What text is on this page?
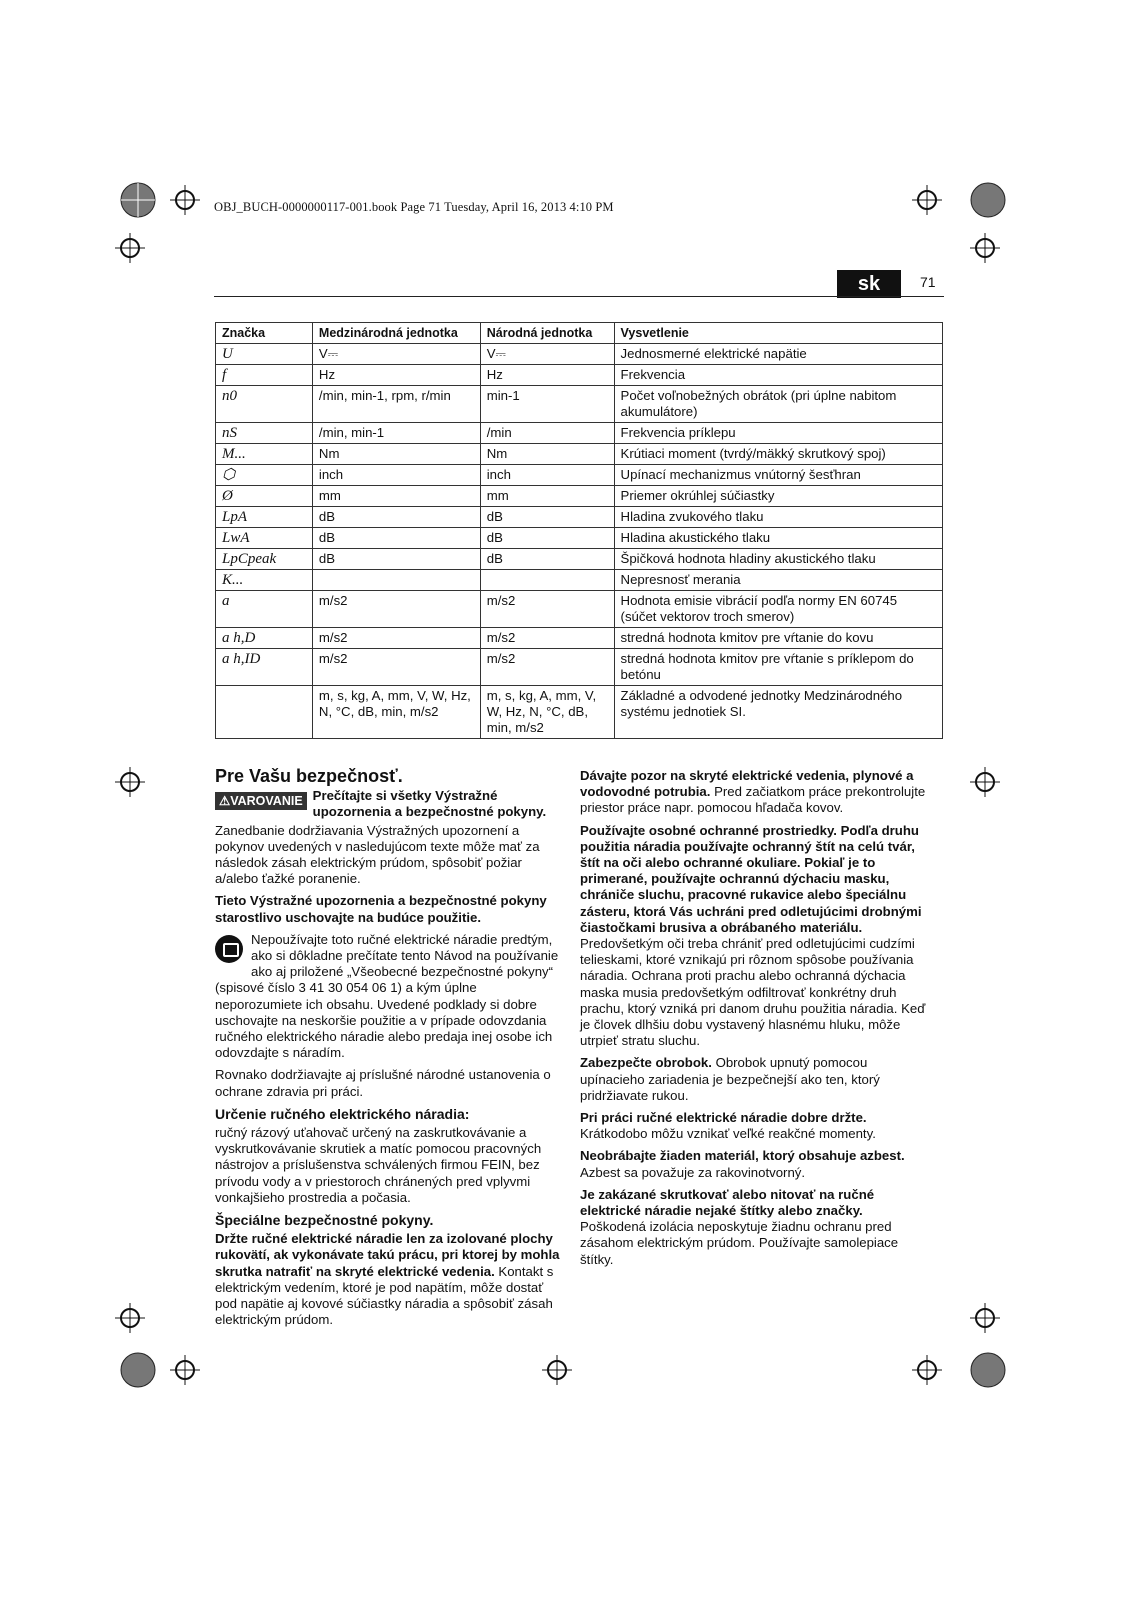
OBJ_BUCH-0000000117-001.book Page 71 Tuesday, April 16, 2013 4:10 PM
sk	71
Značka	Medzinárodná jednotka	Národná jednotka	Vysvetlenie
U	V⎓	V⎓	Jednosmerné elektrické napätie
f	Hz	Hz	Frekvencia
n0	/min, min-1, rpm, r/min	min-1	Počet voľnobežných obrátok (pri úplne nabitom akumulátore)
nS	/min, min-1	/min	Frekvencia príklepu
M...	Nm	Nm	Krútiaci moment (tvrdý/mäkký skrutkový spoj)
⬡	inch	inch	Upínací mechanizmus vnútorný šesťhran
Ø	mm	mm	Priemer okrúhlej súčiastky
LpA	dB	dB	Hladina zvukového tlaku
LwA	dB	dB	Hladina akustického tlaku
LpCpeak	dB	dB	Špičková hodnota hladiny akustického tlaku
K...			Nepresnosť merania
a	m/s2	m/s2	Hodnota emisie vibrácií podľa normy EN 60745 (súčet vektorov troch smerov)
a h,D	m/s2	m/s2	stredná hodnota kmitov pre vŕtanie do kovu
a h,ID	m/s2	m/s2	stredná hodnota kmitov pre vŕtanie s príklepom do betónu
	m, s, kg, A, mm, V, W, Hz, N, °C, dB, min, m/s2	m, s, kg, A, mm, V, W, Hz, N, °C, dB, min, m/s2	Základné a odvodené jednotky Medzinárodného systému jednotiek SI.
Pre Vašu bezpečnosť.
⚠VAROVANIE Prečítajte si všetky Výstražné upozornenia a bezpečnostné pokyny.

Zanedbanie dodržiavania Výstražných upozornení a pokynov uvedených v nasledujúcom texte môže mať za následok zásah elektrickým prúdom, spôsobiť požiar a/alebo ťažké poranenie.

Tieto Výstražné upozornenia a bezpečnostné pokyny starostlivo uschovajte na budúce použitie.

Nepoužívajte toto ručné elektrické náradie predtým, ako si dôkladne prečítate tento Návod na používanie ako aj priložené „Všeobecné bezpečnostné pokyny“ (spisové číslo 3 41 30 054 06 1) a kým úplne neporozumiete ich obsahu. Uvedené podklady si dobre uschovajte na neskoršie použitie a v prípade odovzdania ručného elektrického náradie alebo predaja inej osobe ich odovzdajte s náradím.

Rovnako dodržiavajte aj príslušné národné ustanovenia o ochrane zdravia pri práci.

Určenie ručného elektrického náradia:

ručný rázový uťahovač určený na zaskrutkovávanie a vyskrutkovávanie skrutiek a matíc pomocou pracovných nástrojov a príslušenstva schválených firmou FEIN, bez prívodu vody a v priestoroch chránených pred vplyvmi vonkajšieho prostredia a počasia.

Špeciálne bezpečnostné pokyny.

Držte ručné elektrické náradie len za izolované plochy rukovätí, ak vykonávate takú prácu, pri ktorej by mohla skrutka natrafiť na skryté elektrické vedenia. Kontakt s elektrickým vedením, ktoré je pod napätím, môže dostať pod napätie aj kovové súčiastky náradia a spôsobiť zásah elektrickým prúdom.

Dávajte pozor na skryté elektrické vedenia, plynové a vodovodné potrubia. Pred začiatkom práce prekontrolujte priestor práce napr. pomocou hľadača kovov.

Používajte osobné ochranné prostriedky. Podľa druhu použitia náradia používajte ochranný štít na celú tvár, štít na oči alebo ochranné okuliare. Pokiaľ je to primerané, používajte ochrannú dýchaciu masku, chrániče sluchu, pracovné rukavice alebo špeciálnu zásteru, ktorá Vás uchráni pred odletujúcimi drobnými čiastočkami brusiva a obrábaného materiálu. Predovšetkým oči treba chrániť pred odletujúcimi cudzími telieskami, ktoré vznikajú pri rôznom spôsobe používania náradia. Ochrana proti prachu alebo ochranná dýchacia maska musia predovšetkým odfiltrovať konkrétny druh prachu, ktorý vzniká pri danom druhu použitia náradia. Keď je človek dlhšiu dobu vystavený hlasnému hluku, môže utrpieť stratu sluchu.

Zabezpečte obrobok. Obrobok upnutý pomocou upínacieho zariadenia je bezpečnejší ako ten, ktorý pridržiavate rukou.

Pri práci ručné elektrické náradie dobre držte.
Krátkodobo môžu vznikať veľké reakčné momenty.

Neobrábajte žiaden materiál, ktorý obsahuje azbest.
Azbest sa považuje za rakovinotvorný.

Je zakázané skrutkovať alebo nitovať na ručné elektrické náradie nejaké štítky alebo značky. Poškodená izolácia neposkytuje žiadnu ochranu pred zásahom elektrickým prúdom. Používajte samolepiace štítky.
